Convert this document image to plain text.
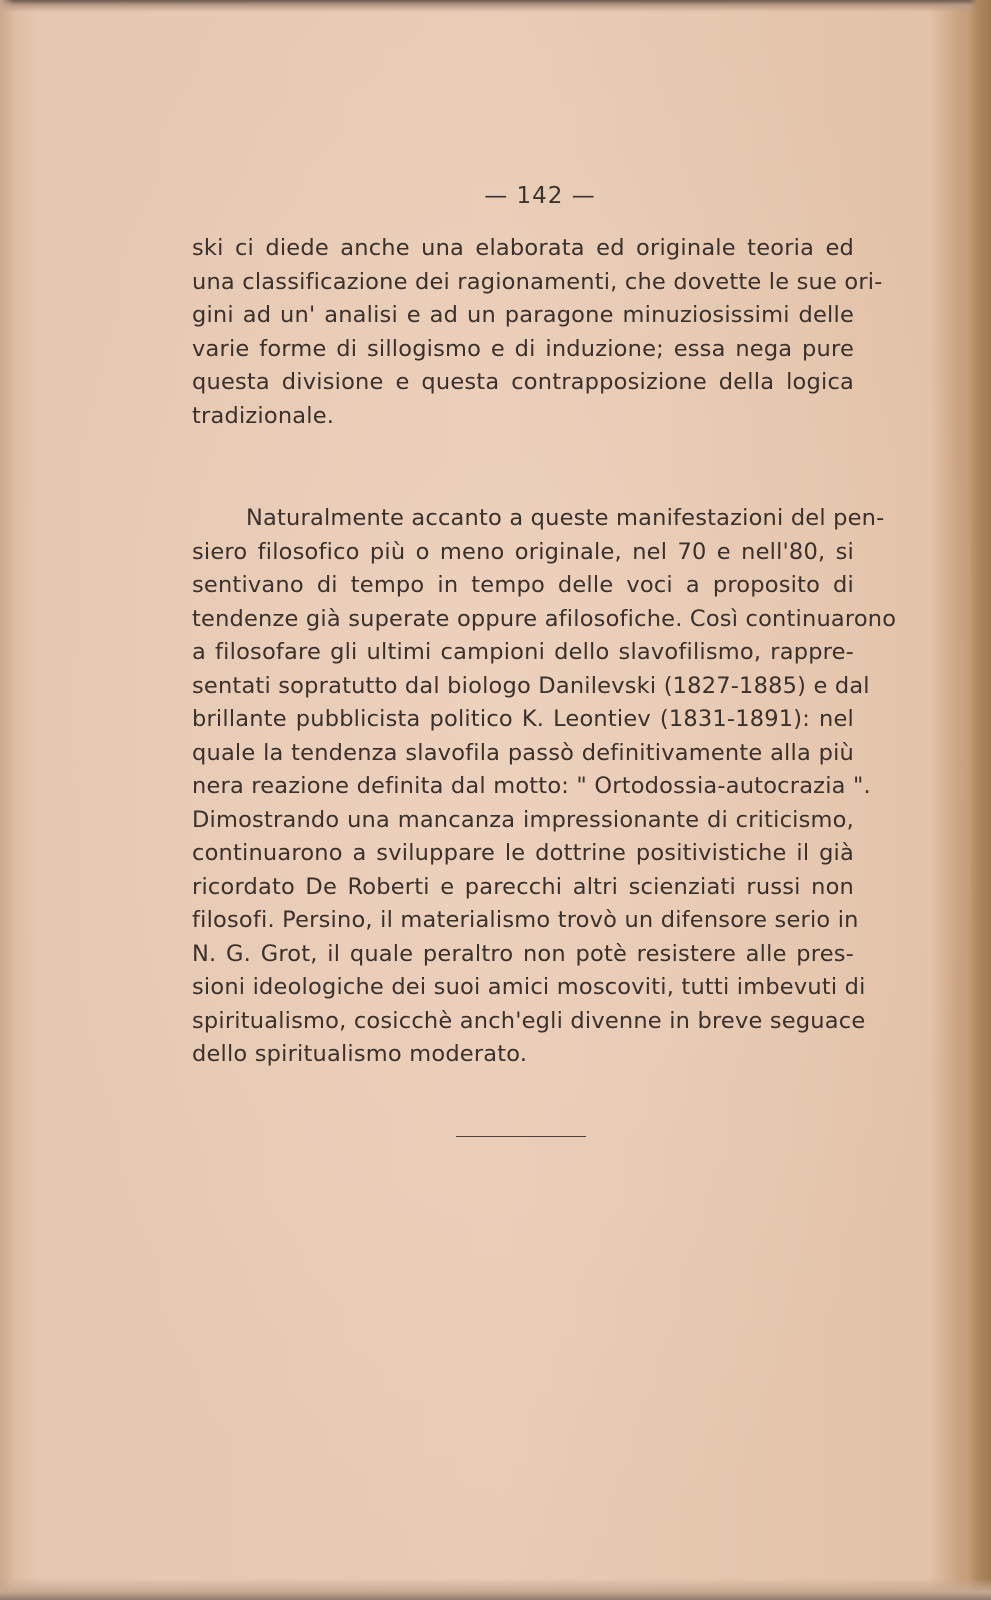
— 142 —
ski ci diede anche una elaborata ed originale teoria ed
una classificazione dei ragionamenti, che dovette le sue ori-
gini ad un' analisi e ad un paragone minuziosissimi delle
varie forme di sillogismo e di induzione; essa nega pure
questa divisione e questa contrapposizione della logica
tradizionale.
Naturalmente accanto a queste manifestazioni del pen-
siero filosofico più o meno originale, nel 70 e nell'80, si
sentivano di tempo in tempo delle voci a proposito di
tendenze già superate oppure afilosofiche. Così continuarono
a filosofare gli ultimi campioni dello slavofilismo, rappre-
sentati sopratutto dal biologo Danilevski (1827-1885) e dal
brillante pubblicista politico K. Leontiev (1831-1891): nel
quale la tendenza slavofila passò definitivamente alla più
nera reazione definita dal motto: " Ortodossia-autocrazia ".
Dimostrando una mancanza impressionante di criticismo,
continuarono a sviluppare le dottrine positivistiche il già
ricordato De Roberti e parecchi altri scienziati russi non
filosofi. Persino, il materialismo trovò un difensore serio in
N. G. Grot, il quale peraltro non potè resistere alle pres-
sioni ideologiche dei suoi amici moscoviti, tutti imbevuti di
spiritualismo, cosicchè anch'egli divenne in breve seguace
dello spiritualismo moderato.
